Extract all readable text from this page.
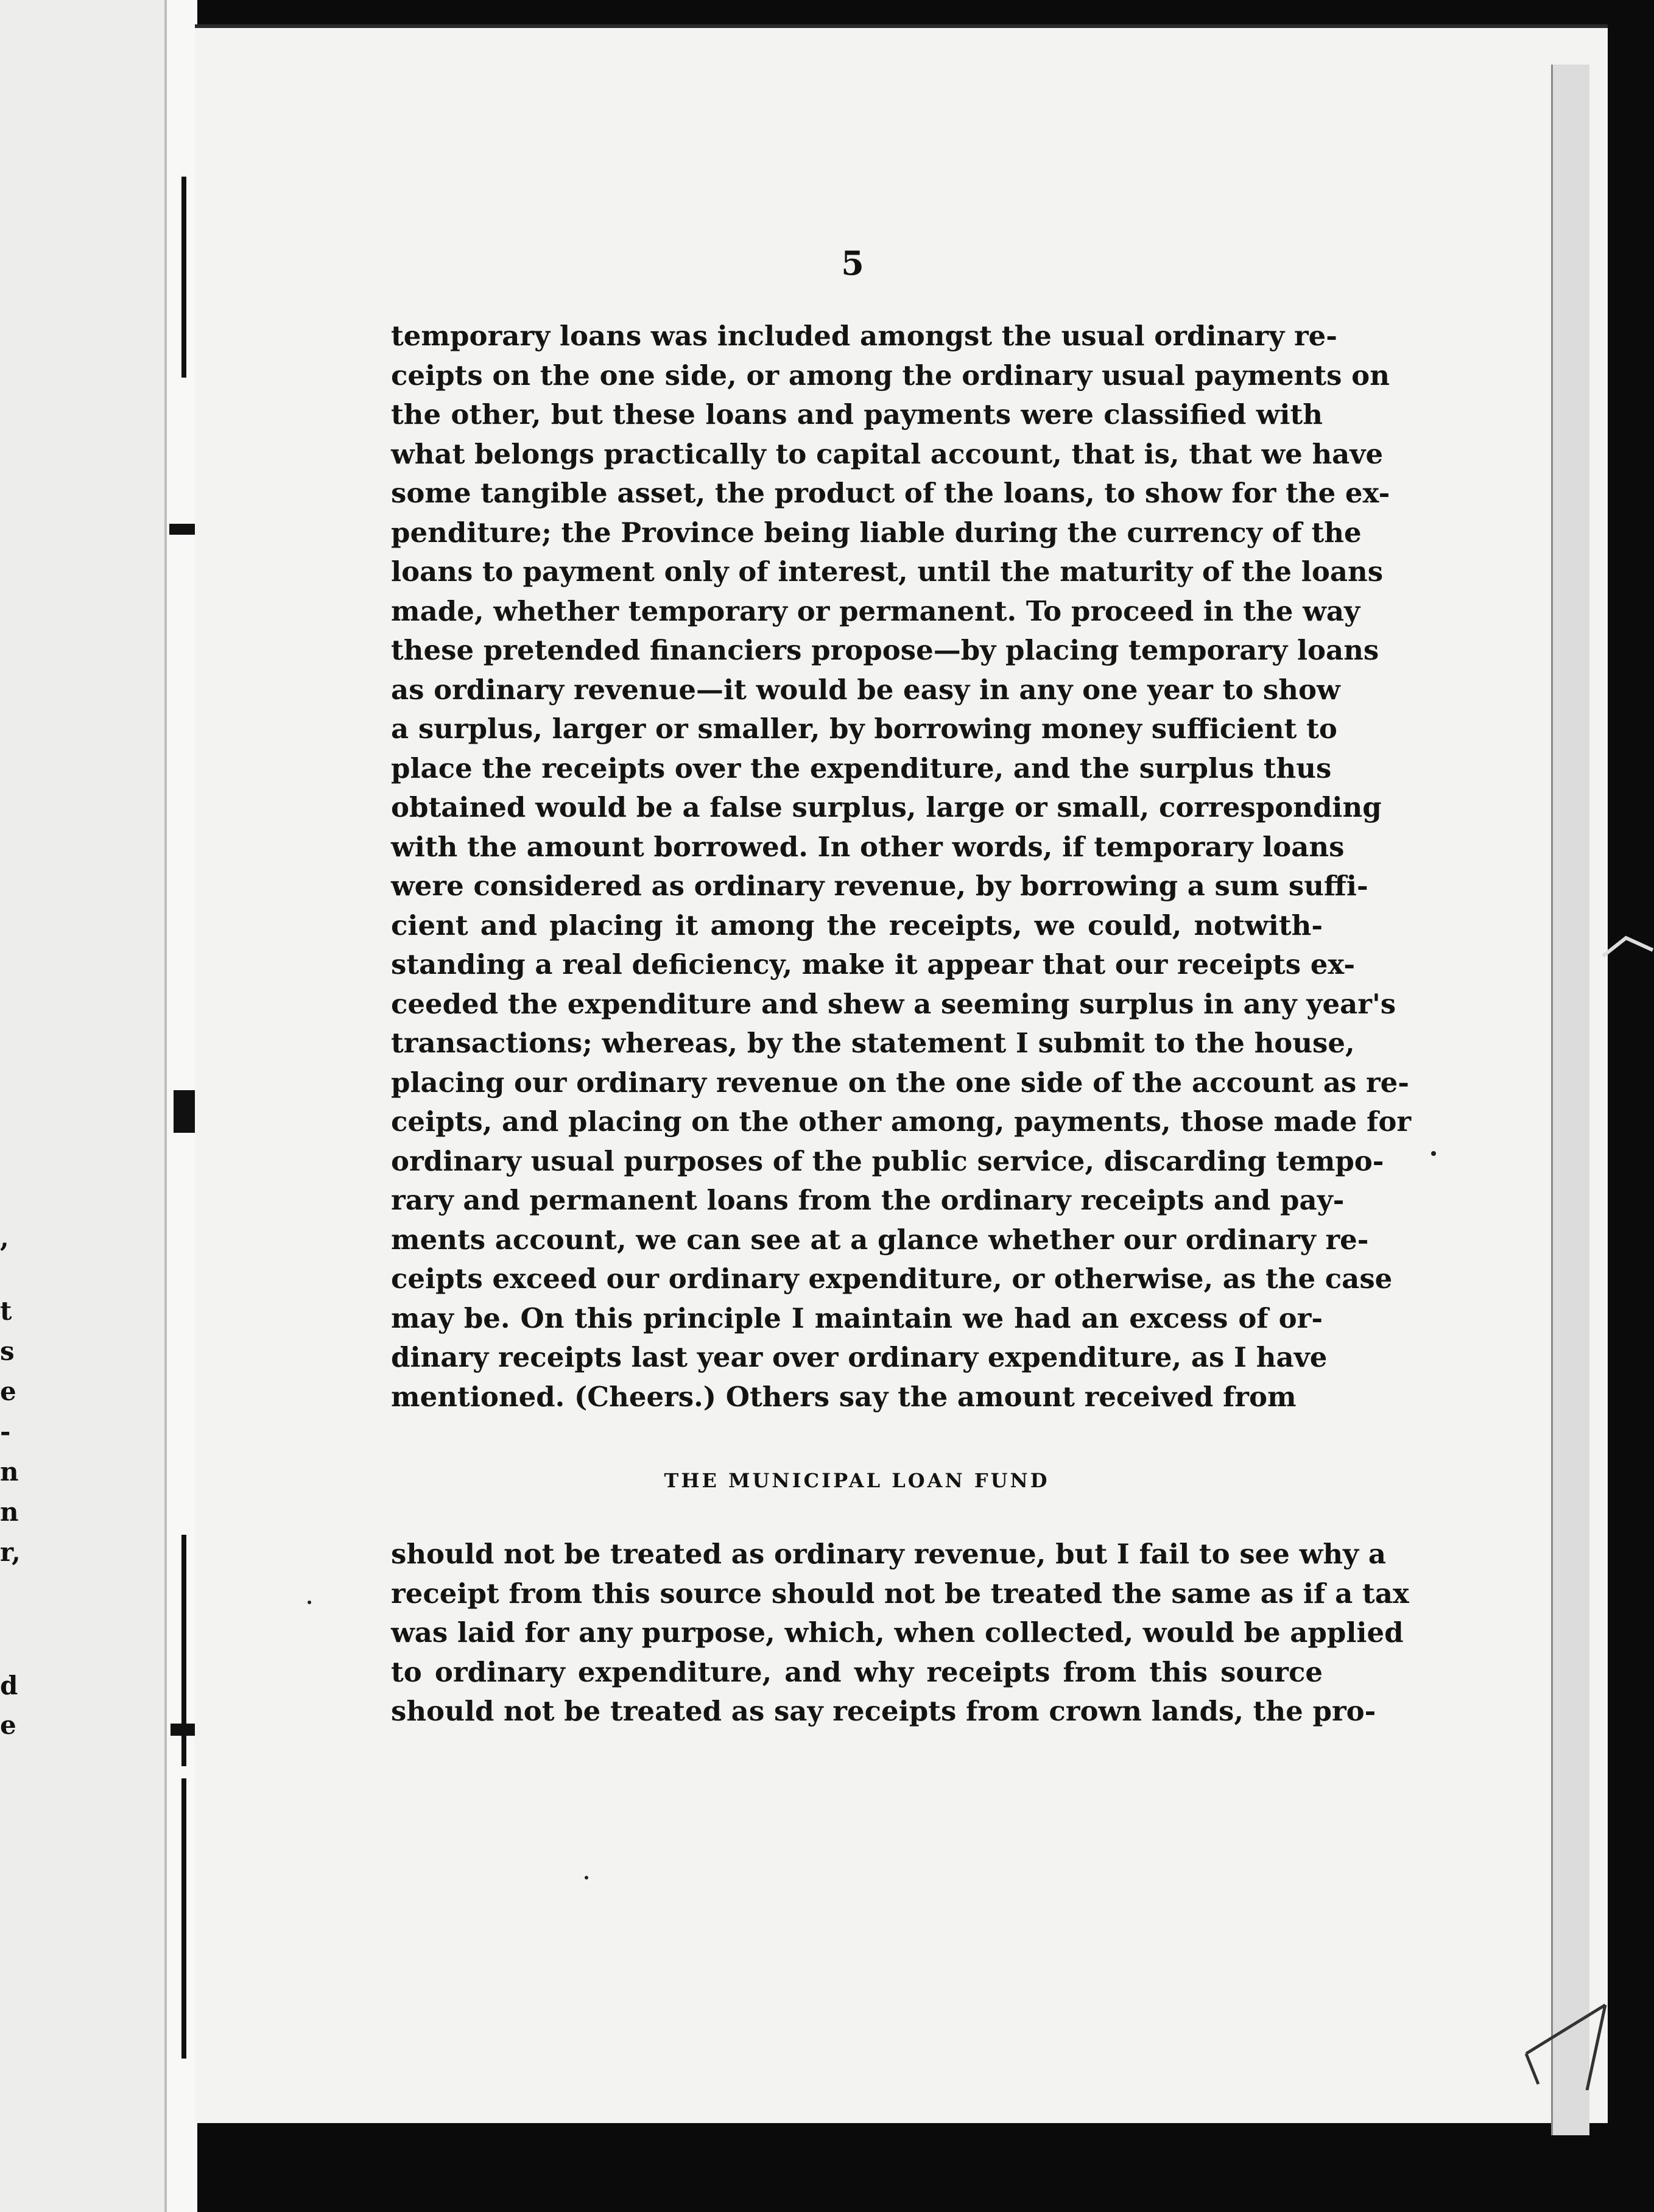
,
t
s
e
-
n
n
r,
d
e
5
temporary loans was included amongst the usual ordinary re-
ceipts on the one side, or among the ordinary usual payments on
the other, but these loans and payments were classified with
what belongs practically to capital account, that is, that we have
some tangible asset, the product of the loans, to show for the ex-
penditure; the Province being liable during the currency of the
loans to payment only of interest, until the maturity of the loans
made, whether temporary or permanent. To proceed in the way
these pretended financiers propose—by placing temporary loans
as ordinary revenue—it would be easy in any one year to show
a surplus, larger or smaller, by borrowing money sufficient to
place the receipts over the expenditure, and the surplus thus
obtained would be a false surplus, large or small, corresponding
with the amount borrowed. In other words, if temporary loans
were considered as ordinary revenue, by borrowing a sum suffi-
cient and placing it among the receipts, we could, notwith-
standing a real deficiency, make it appear that our receipts ex-
ceeded the expenditure and shew a seeming surplus in any year's
transactions; whereas, by the statement I submit to the house,
placing our ordinary revenue on the one side of the account as re-
ceipts, and placing on the other among, payments, those made for
ordinary usual purposes of the public service, discarding tempo-
rary and permanent loans from the ordinary receipts and pay-
ments account, we can see at a glance whether our ordinary re-
ceipts exceed our ordinary expenditure, or otherwise, as the case
may be. On this principle I maintain we had an excess of or-
dinary receipts last year over ordinary expenditure, as I have
mentioned. (Cheers.) Others say the amount received from
THE MUNICIPAL LOAN FUND
should not be treated as ordinary revenue, but I fail to see why a
receipt from this source should not be treated the same as if a tax
was laid for any purpose, which, when collected, would be applied
to ordinary expenditure, and why receipts from this source
should not be treated as say receipts from crown lands, the pro-
